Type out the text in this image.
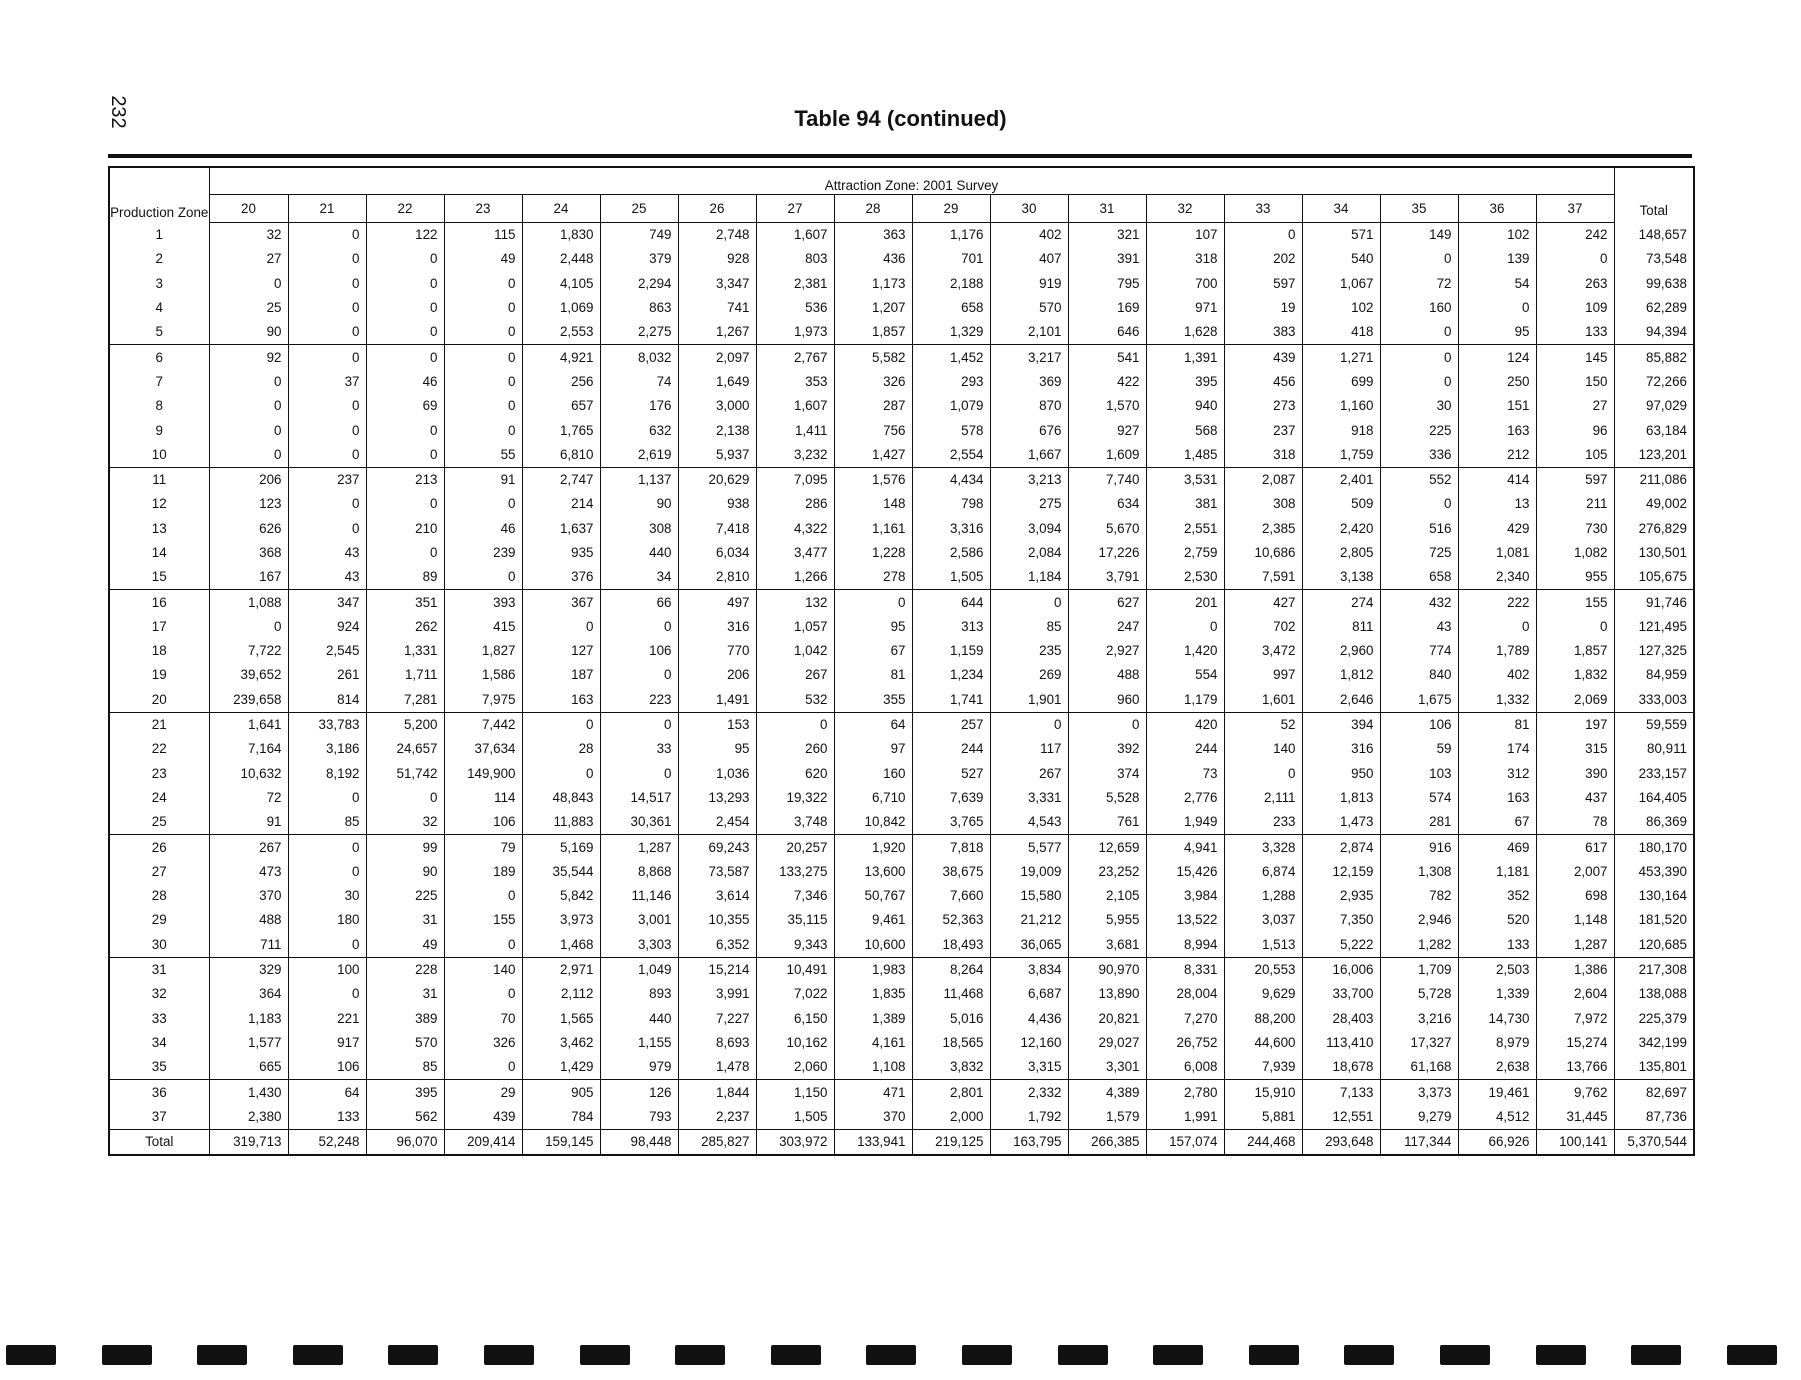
232	Table 94 (continued)
Production Zone	Attraction Zone: 2001 Survey																		Total
	20	21	22	23	24	25	26	27	28	29	30	31	32	33	34	35	36	37	
1	32	0	122	115	1,830	749	2,748	1,607	363	1,176	402	321	107	0	571	149	102	242	148,657
2	27	0	0	49	2,448	379	928	803	436	701	407	391	318	202	540	0	139	0	73,548
3	0	0	0	0	4,105	2,294	3,347	2,381	1,173	2,188	919	795	700	597	1,067	72	54	263	99,638
4	25	0	0	0	1,069	863	741	536	1,207	658	570	169	971	19	102	160	0	109	62,289
5	90	0	0	0	2,553	2,275	1,267	1,973	1,857	1,329	2,101	646	1,628	383	418	0	95	133	94,394
6	92	0	0	0	4,921	8,032	2,097	2,767	5,582	1,452	3,217	541	1,391	439	1,271	0	124	145	85,882
7	0	37	46	0	256	74	1,649	353	326	293	369	422	395	456	699	0	250	150	72,266
8	0	0	69	0	657	176	3,000	1,607	287	1,079	870	1,570	940	273	1,160	30	151	27	97,029
9	0	0	0	0	1,765	632	2,138	1,411	756	578	676	927	568	237	918	225	163	96	63,184
10	0	0	0	55	6,810	2,619	5,937	3,232	1,427	2,554	1,667	1,609	1,485	318	1,759	336	212	105	123,201
11	206	237	213	91	2,747	1,137	20,629	7,095	1,576	4,434	3,213	7,740	3,531	2,087	2,401	552	414	597	211,086
12	123	0	0	0	214	90	938	286	148	798	275	634	381	308	509	0	13	211	49,002
13	626	0	210	46	1,637	308	7,418	4,322	1,161	3,316	3,094	5,670	2,551	2,385	2,420	516	429	730	276,829
14	368	43	0	239	935	440	6,034	3,477	1,228	2,586	2,084	17,226	2,759	10,686	2,805	725	1,081	1,082	130,501
15	167	43	89	0	376	34	2,810	1,266	278	1,505	1,184	3,791	2,530	7,591	3,138	658	2,340	955	105,675
16	1,088	347	351	393	367	66	497	132	0	644	0	627	201	427	274	432	222	155	91,746
17	0	924	262	415	0	0	316	1,057	95	313	85	247	0	702	811	43	0	0	121,495
18	7,722	2,545	1,331	1,827	127	106	770	1,042	67	1,159	235	2,927	1,420	3,472	2,960	774	1,789	1,857	127,325
19	39,652	261	1,711	1,586	187	0	206	267	81	1,234	269	488	554	997	1,812	840	402	1,832	84,959
20	239,658	814	7,281	7,975	163	223	1,491	532	355	1,741	1,901	960	1,179	1,601	2,646	1,675	1,332	2,069	333,003
21	1,641	33,783	5,200	7,442	0	0	153	0	64	257	0	0	420	52	394	106	81	197	59,559
22	7,164	3,186	24,657	37,634	28	33	95	260	97	244	117	392	244	140	316	59	174	315	80,911
23	10,632	8,192	51,742	149,900	0	0	1,036	620	160	527	267	374	73	0	950	103	312	390	233,157
24	72	0	0	114	48,843	14,517	13,293	19,322	6,710	7,639	3,331	5,528	2,776	2,111	1,813	574	163	437	164,405
25	91	85	32	106	11,883	30,361	2,454	3,748	10,842	3,765	4,543	761	1,949	233	1,473	281	67	78	86,369
26	267	0	99	79	5,169	1,287	69,243	20,257	1,920	7,818	5,577	12,659	4,941	3,328	2,874	916	469	617	180,170
27	473	0	90	189	35,544	8,868	73,587	133,275	13,600	38,675	19,009	23,252	15,426	6,874	12,159	1,308	1,181	2,007	453,390
28	370	30	225	0	5,842	11,146	3,614	7,346	50,767	7,660	15,580	2,105	3,984	1,288	2,935	782	352	698	130,164
29	488	180	31	155	3,973	3,001	10,355	35,115	9,461	52,363	21,212	5,955	13,522	3,037	7,350	2,946	520	1,148	181,520
30	711	0	49	0	1,468	3,303	6,352	9,343	10,600	18,493	36,065	3,681	8,994	1,513	5,222	1,282	133	1,287	120,685
31	329	100	228	140	2,971	1,049	15,214	10,491	1,983	8,264	3,834	90,970	8,331	20,553	16,006	1,709	2,503	1,386	217,308
32	364	0	31	0	2,112	893	3,991	7,022	1,835	11,468	6,687	13,890	28,004	9,629	33,700	5,728	1,339	2,604	138,088
33	1,183	221	389	70	1,565	440	7,227	6,150	1,389	5,016	4,436	20,821	7,270	88,200	28,403	3,216	14,730	7,972	225,379
34	1,577	917	570	326	3,462	1,155	8,693	10,162	4,161	18,565	12,160	29,027	26,752	44,600	113,410	17,327	8,979	15,274	342,199
35	665	106	85	0	1,429	979	1,478	2,060	1,108	3,832	3,315	3,301	6,008	7,939	18,678	61,168	2,638	13,766	135,801
36	1,430	64	395	29	905	126	1,844	1,150	471	2,801	2,332	4,389	2,780	15,910	7,133	3,373	19,461	9,762	82,697
37	2,380	133	562	439	784	793	2,237	1,505	370	2,000	1,792	1,579	1,991	5,881	12,551	9,279	4,512	31,445	87,736
Total	319,713	52,248	96,070	209,414	159,145	98,448	285,827	303,972	133,941	219,125	163,795	266,385	157,074	244,468	293,648	117,344	66,926	100,141	5,370,544
